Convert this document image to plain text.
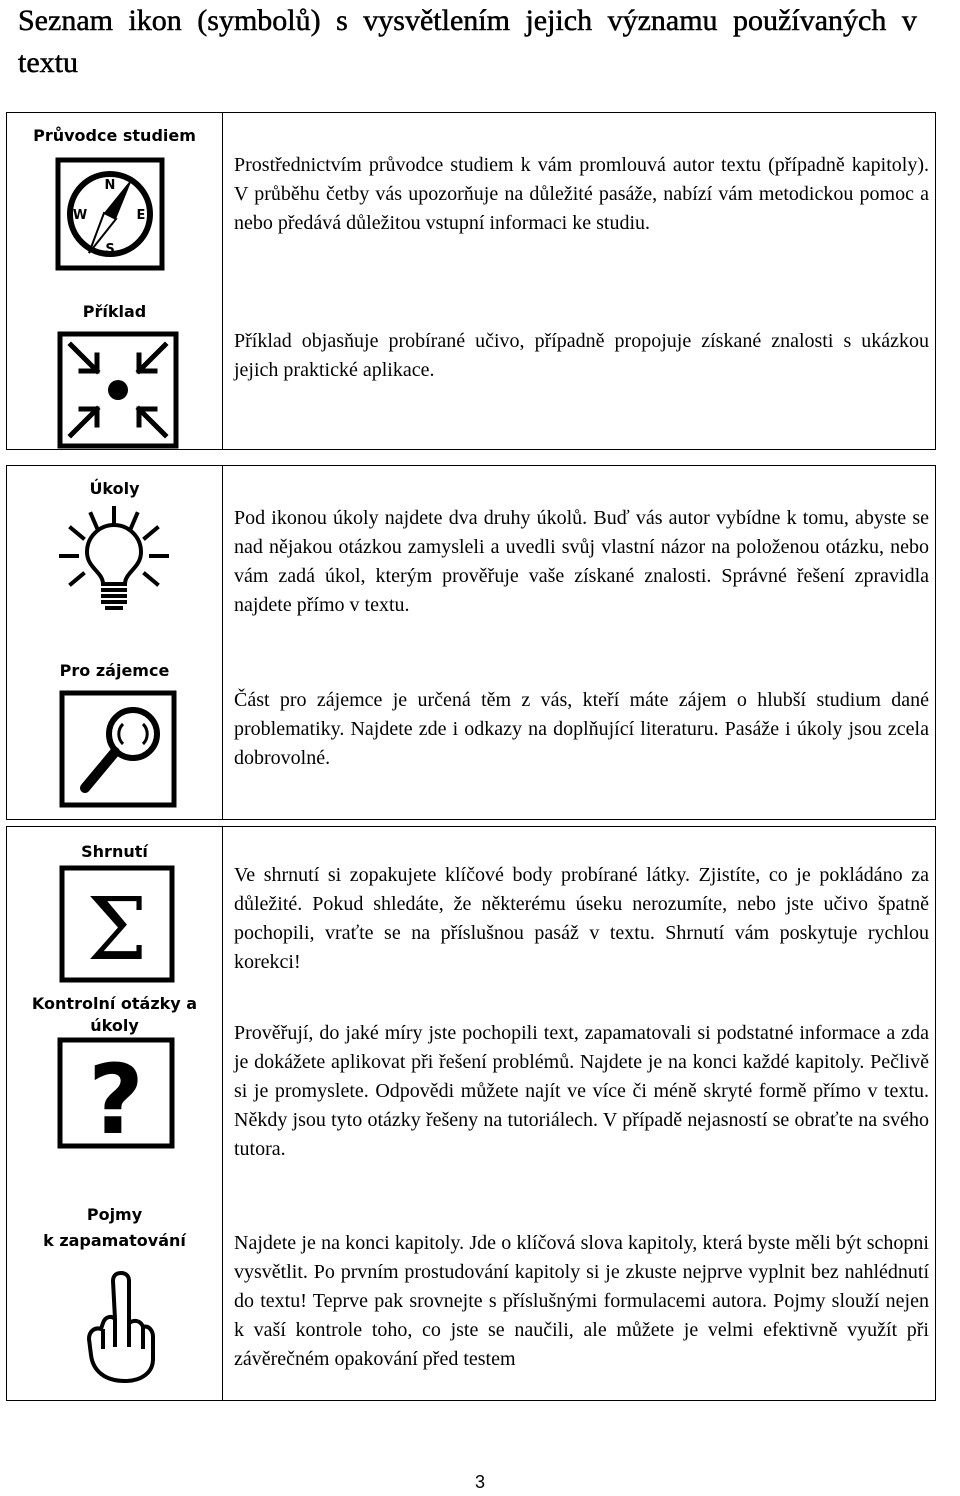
Seznam ikon (symbolů) s vysvětlením jejich významu používaných v textu
Průvodce studiem
N
S
W	E
Prostřednictvím průvodce studiem k vám promlouvá autor textu (případně kapitoly). V průběhu četby vás upozorňuje na důležité pasáže, nabízí vám metodickou pomoc a nebo předává důležitou vstupní informaci ke studiu.
Příklad
Příklad objasňuje probírané učivo, případně propojuje získané znalosti s ukázkou jejich praktické aplikace.
Úkoly
Pod ikonou úkoly najdete dva druhy úkolů. Buď vás autor vybídne k tomu, abyste se nad nějakou otázkou zamysleli a uvedli svůj vlastní názor na položenou otázku, nebo vám zadá úkol, kterým prověřuje vaše získané znalosti. Správné řešení zpravidla najdete přímo v textu.
Pro zájemce
Část pro zájemce je určená těm z vás, kteří máte zájem o hlubší studium dané problematiky. Najdete zde i odkazy na doplňující literaturu. Pasáže i úkoly jsou zcela dobrovolné.
Shrnutí
Σ
Ve shrnutí si zopakujete klíčové body probírané látky. Zjistíte, co je pokládáno za důležité. Pokud shledáte, že některému úseku nerozumíte, nebo jste učivo špatně pochopili, vraťte se na příslušnou pasáž v textu. Shrnutí vám poskytuje rychlou korekci!
Kontrolní otázky a
úkoly
?
Prověřují, do jaké míry jste pochopili text, zapamatovali si podstatné informace a zda je dokážete aplikovat při řešení problémů. Najdete je na konci každé kapitoly. Pečlivě si je promyslete. Odpovědi můžete najít ve více či méně skryté formě přímo v textu. Někdy jsou tyto otázky řešeny na tutoriálech. V případě nejasností se obraťte na svého tutora.
Pojmy
k zapamatování	Najdete je na konci kapitoly. Jde o klíčová slova kapitoly, která byste měli být schopni vysvětlit. Po prvním prostudování kapitoly si je zkuste nejprve vyplnit bez nahlédnutí do textu! Teprve pak srovnejte s příslušnými formulacemi autora. Pojmy slouží nejen k vaší kontrole toho, co jste se naučili, ale můžete je velmi efektivně využít při závěrečném opakování před testem
3
